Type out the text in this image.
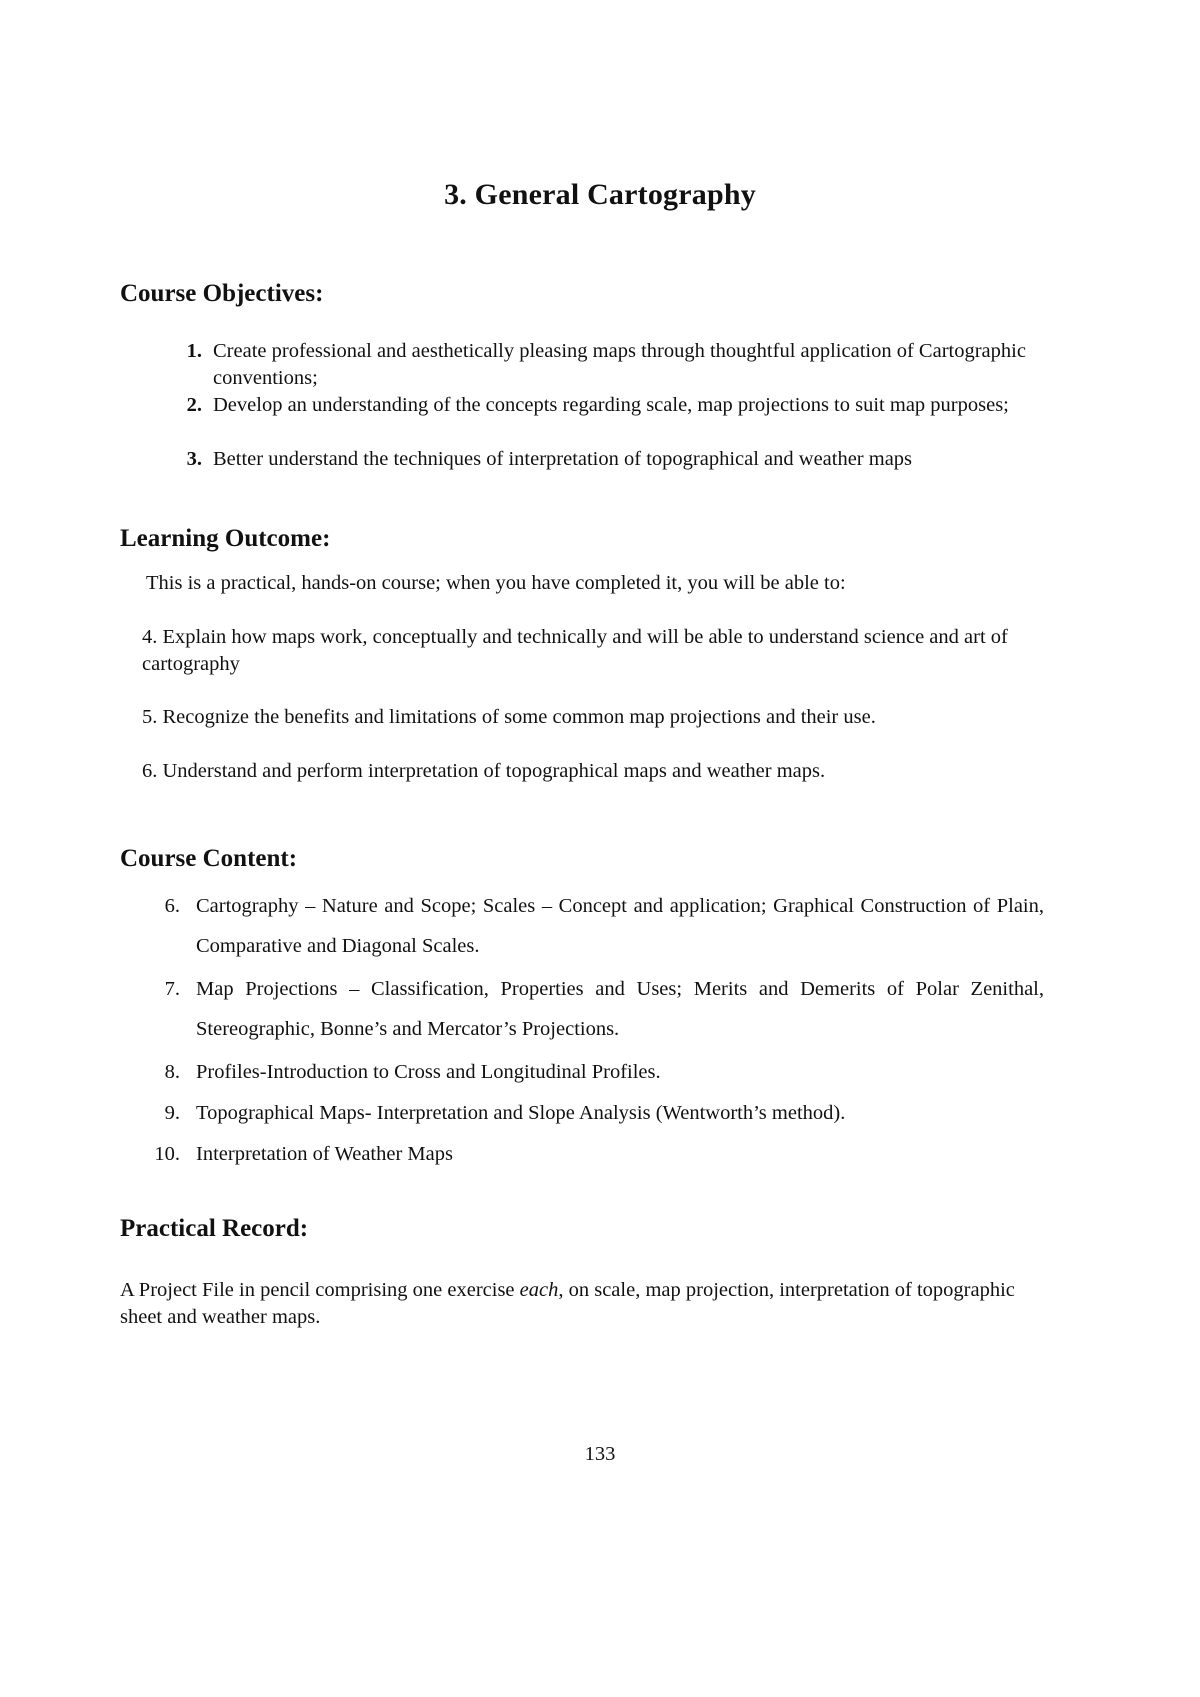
3. General Cartography
Course Objectives:
1. Create professional and aesthetically pleasing maps through thoughtful application of Cartographic conventions;
2. Develop an understanding of the concepts regarding scale, map projections to suit map purposes;
3. Better understand the techniques of interpretation of topographical and weather maps
Learning Outcome:
This is a practical, hands-on course; when you have completed it, you will be able to:
4. Explain how maps work, conceptually and technically and will be able to understand science and art of cartography
5. Recognize the benefits and limitations of some common map projections and their use.
6. Understand and perform interpretation of topographical maps and weather maps.
Course Content:
6. Cartography – Nature and Scope; Scales – Concept and application; Graphical Construction of Plain, Comparative and Diagonal Scales.
7. Map Projections – Classification, Properties and Uses; Merits and Demerits of Polar Zenithal, Stereographic, Bonne’s and Mercator’s Projections.
8. Profiles-Introduction to Cross and Longitudinal Profiles.
9. Topographical Maps- Interpretation and Slope Analysis (Wentworth’s method).
10. Interpretation of Weather Maps
Practical Record:
A Project File in pencil comprising one exercise each, on scale, map projection, interpretation of topographic sheet and weather maps.
133
